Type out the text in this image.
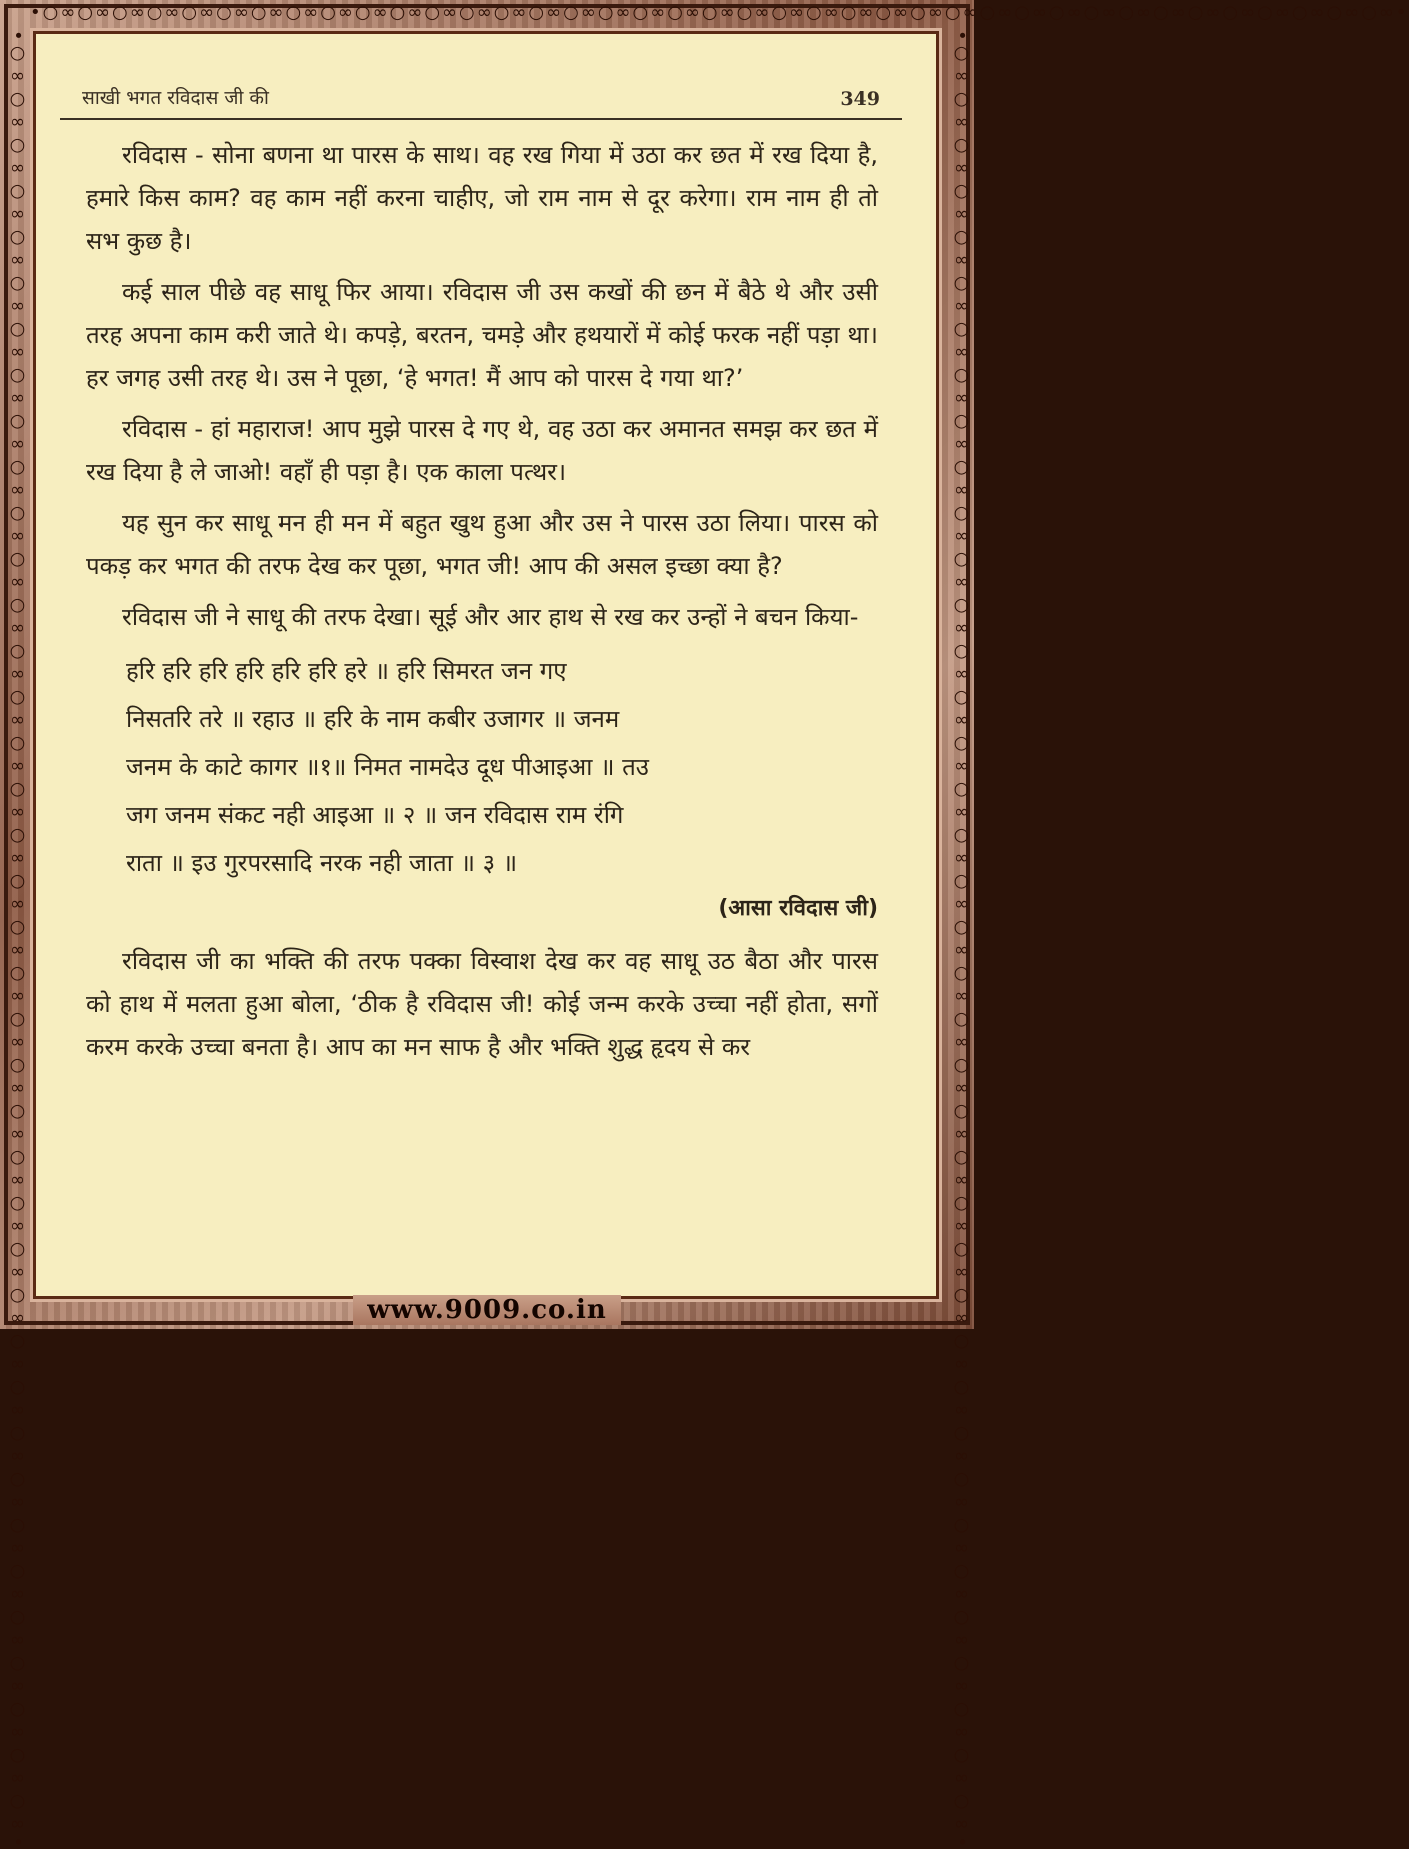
•○∞○∞○∞○∞○∞○∞○∞○∞○∞○∞○∞○∞○∞○∞○∞○∞○∞○∞○∞○∞○∞○∞○∞○∞○∞○∞○∞○∞○∞○∞○∞○∞○∞○∞○∞○∞○∞○∞○∞•
•○∞○∞○∞○∞○∞○∞○∞○∞○∞○∞○∞○∞○∞○∞○∞○∞○∞○∞○∞○∞○∞○∞○∞○∞○∞○∞○∞○∞○∞○∞○∞○∞○∞○∞○∞○∞○∞○∞○∞•	•○∞○∞○∞○∞○∞○∞○∞○∞○∞○∞○∞○∞○∞○∞○∞○∞○∞○∞○∞○∞○∞○∞○∞○∞○∞○∞○∞○∞○∞○∞○∞○∞○∞○∞○∞○∞○∞○∞○∞•
साखी भगत रविदास जी की	349

रविदास - सोना बणना था पारस के साथ। वह रख गिया में उठा कर छत में रख दिया है, हमारे किस काम? वह काम नहीं करना चाहीए, जो राम नाम से दूर करेगा। राम नाम ही तो सभ कुछ है।

कई साल पीछे वह साधू फिर आया। रविदास जी उस कखों की छन में बैठे थे और उसी तरह अपना काम करी जाते थे। कपड़े, बरतन, चमड़े और हथयारों में कोई फरक नहीं पड़ा था। हर जगह उसी तरह थे। उस ने पूछा, ‘हे भगत! मैं आप को पारस दे गया था?’

रविदास - हां महाराज! आप मुझे पारस दे गए थे, वह उठा कर अमानत समझ कर छत में रख दिया है ले जाओ! वहाँ ही पड़ा है। एक काला पत्थर।

यह सुन कर साधू मन ही मन में बहुत खुथ हुआ और उस ने पारस उठा लिया। पारस को पकड़ कर भगत की तरफ देख कर पूछा, भगत जी! आप की असल इच्छा क्या है?

रविदास जी ने साधू की तरफ देखा। सूई और आर हाथ से रख कर उन्हों ने बचन किया-

हरि हरि हरि हरि हरि हरि हरे ॥ हरि सिमरत जन गए
निसतरि तरे ॥ रहाउ ॥ हरि के नाम कबीर उजागर ॥ जनम
जनम के काटे कागर ॥१॥ निमत नामदेउ दूध पीआइआ ॥ तउ
जग जनम संकट नही आइआ ॥ २ ॥ जन रविदास राम रंगि
राता ॥ इउ गुरपरसादि नरक नही जाता ॥ ३ ॥

(आसा रविदास जी)

रविदास जी का भक्ति की तरफ पक्का विस्वाश देख कर वह साधू उठ बैठा और पारस को हाथ में मलता हुआ बोला, ‘ठीक है रविदास जी! कोई जन्म करके उच्चा नहीं होता, सगों करम करके उच्चा बनता है। आप का मन साफ है और भक्ति शुद्ध हृदय से कर

www.9009.co.in
